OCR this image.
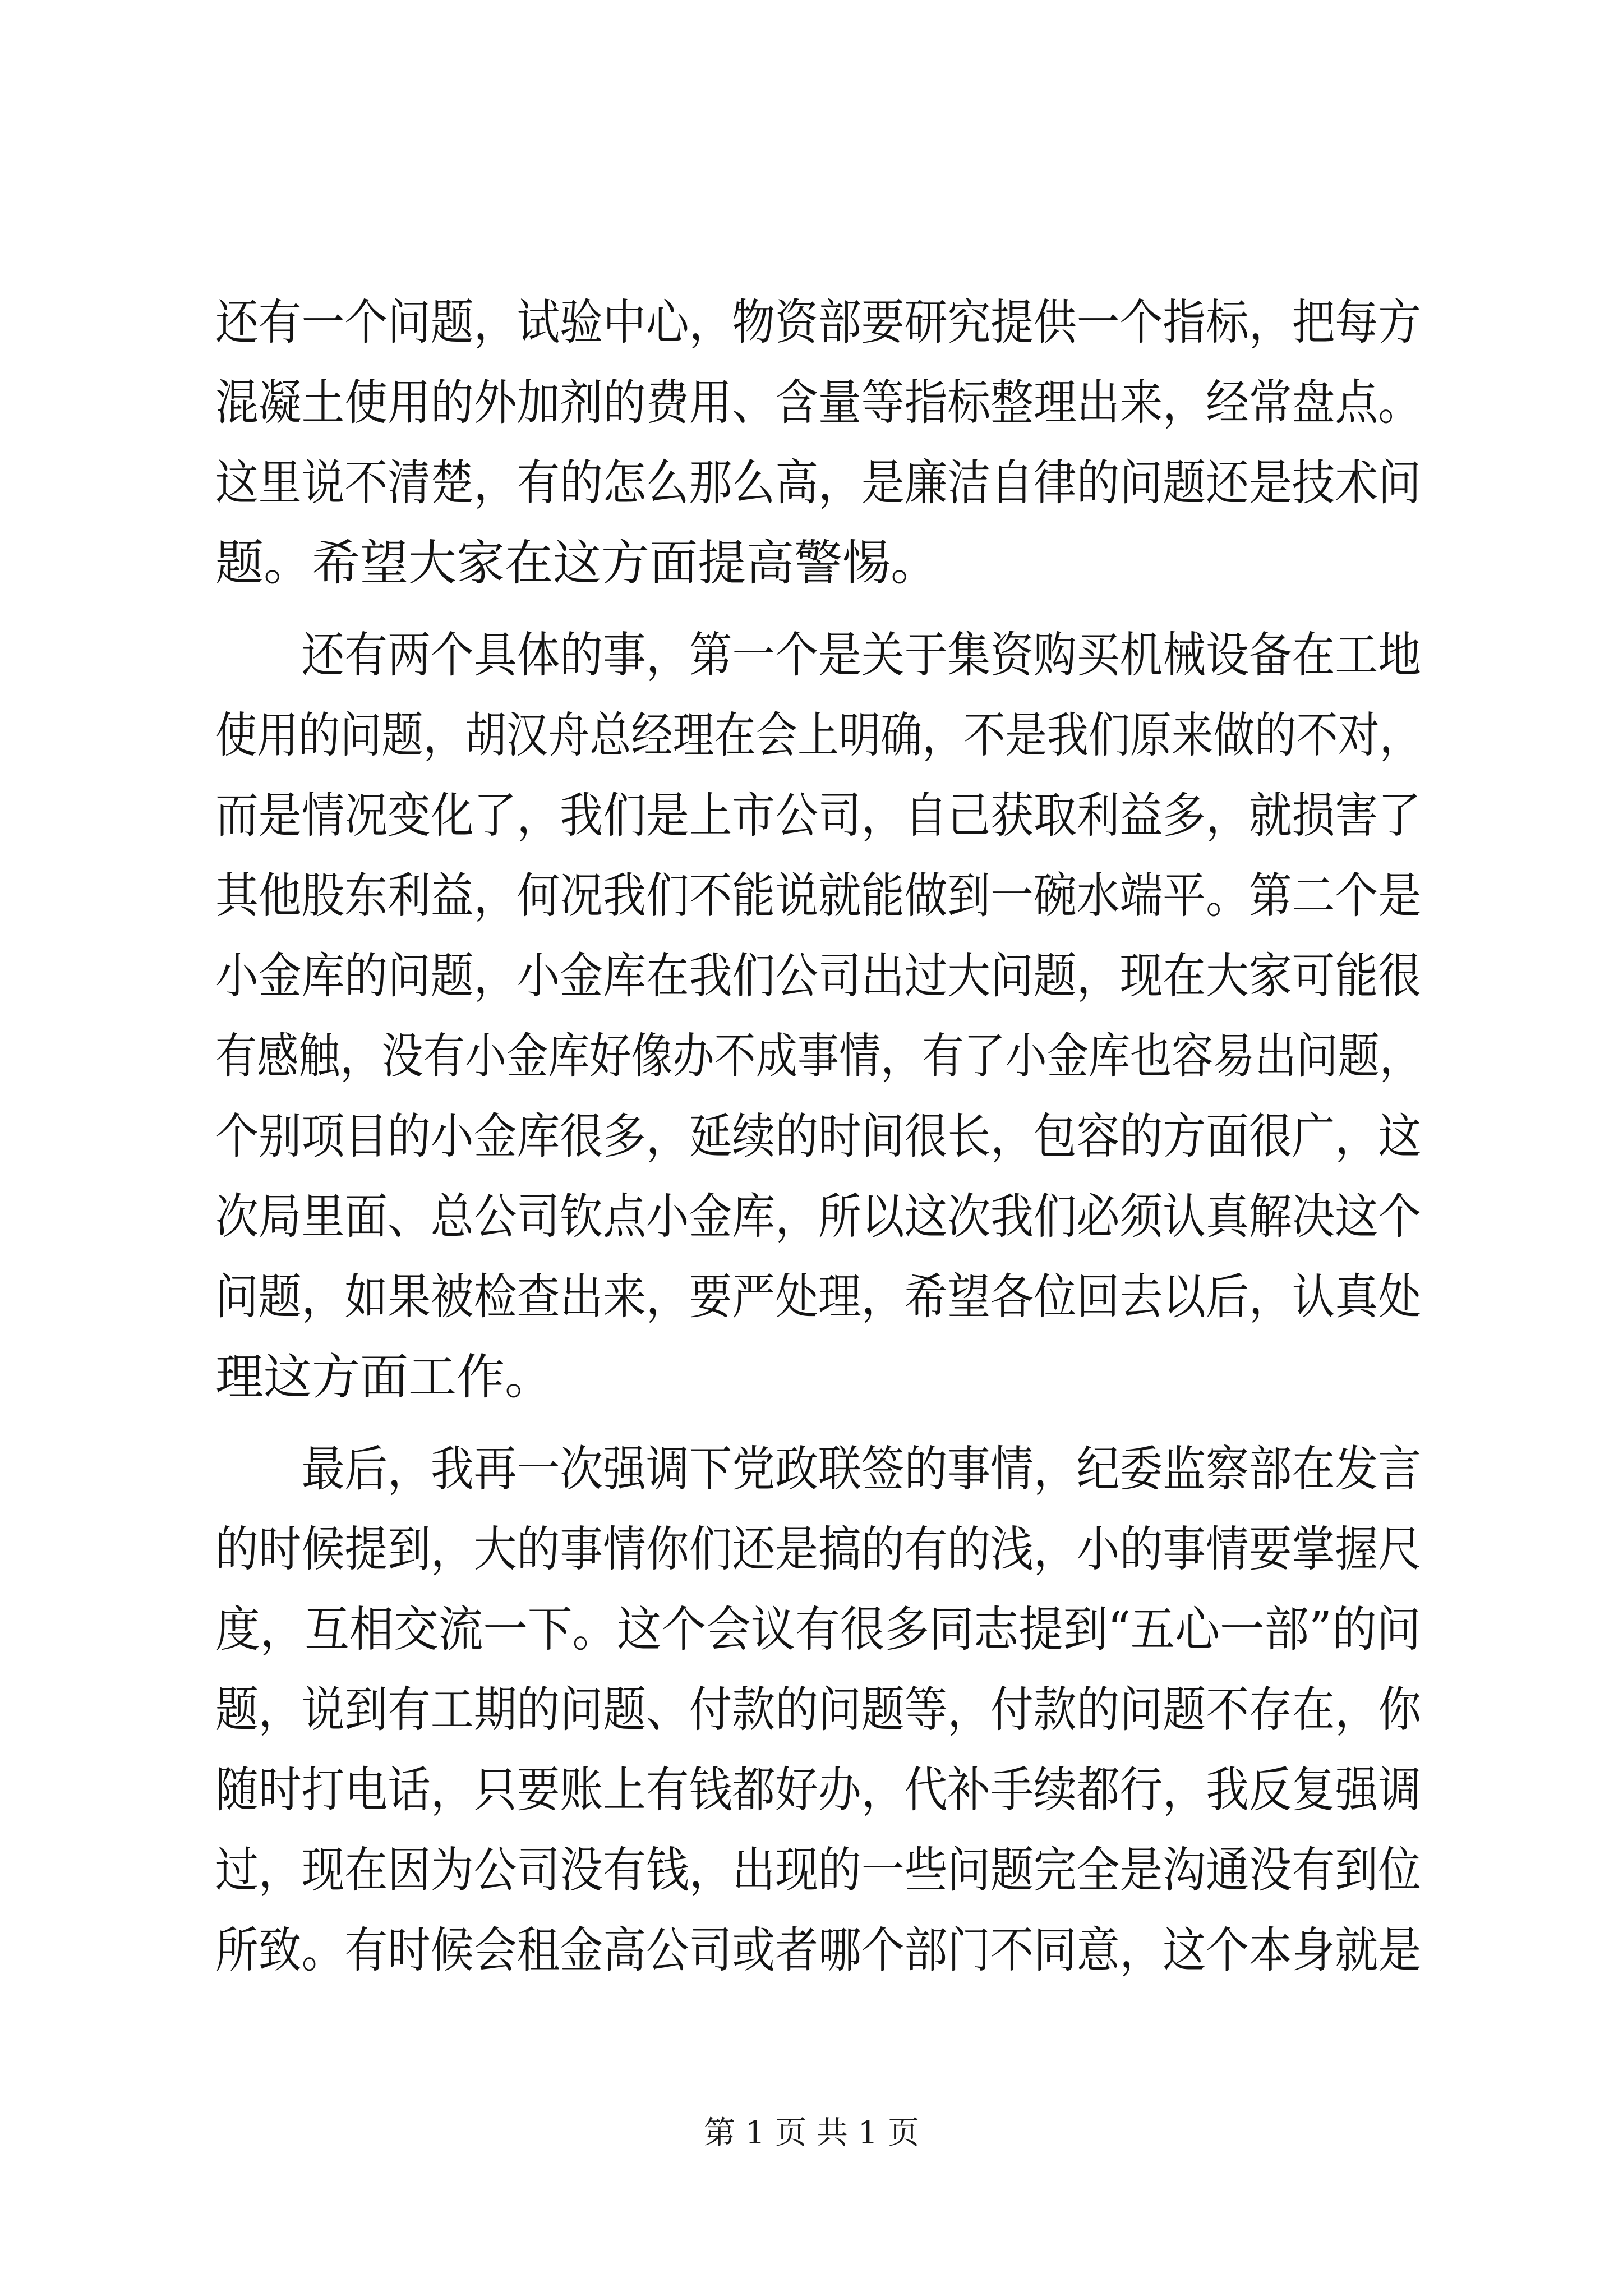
还有一个问题，试验中心，物资部要研究提供一个指标，把每方
混凝土使用的外加剂的费用、含量等指标整理出来，经常盘点。
这里说不清楚，有的怎么那么高，是廉洁自律的问题还是技术问
题。希望大家在这方面提高警惕。
　　还有两个具体的事，第一个是关于集资购买机械设备在工地
使用的问题，胡汉舟总经理在会上明确，不是我们原来做的不对，
而是情况变化了，我们是上市公司，自己获取利益多，就损害了
其他股东利益，何况我们不能说就能做到一碗水端平。第二个是
小金库的问题，小金库在我们公司出过大问题，现在大家可能很
有感触，没有小金库好像办不成事情，有了小金库也容易出问题，
个别项目的小金库很多，延续的时间很长，包容的方面很广，这
次局里面、总公司钦点小金库，所以这次我们必须认真解决这个
问题，如果被检查出来，要严处理，希望各位回去以后，认真处
理这方面工作。
　　最后，我再一次强调下党政联签的事情，纪委监察部在发言
的时候提到，大的事情你们还是搞的有的浅，小的事情要掌握尺
度，互相交流一下。这个会议有很多同志提到“五心一部”的问
题，说到有工期的问题、付款的问题等，付款的问题不存在，你
随时打电话，只要账上有钱都好办，代补手续都行，我反复强调
过，现在因为公司没有钱，出现的一些问题完全是沟通没有到位
所致。有时候会租金高公司或者哪个部门不同意，这个本身就是
第 1 页 共 1 页
